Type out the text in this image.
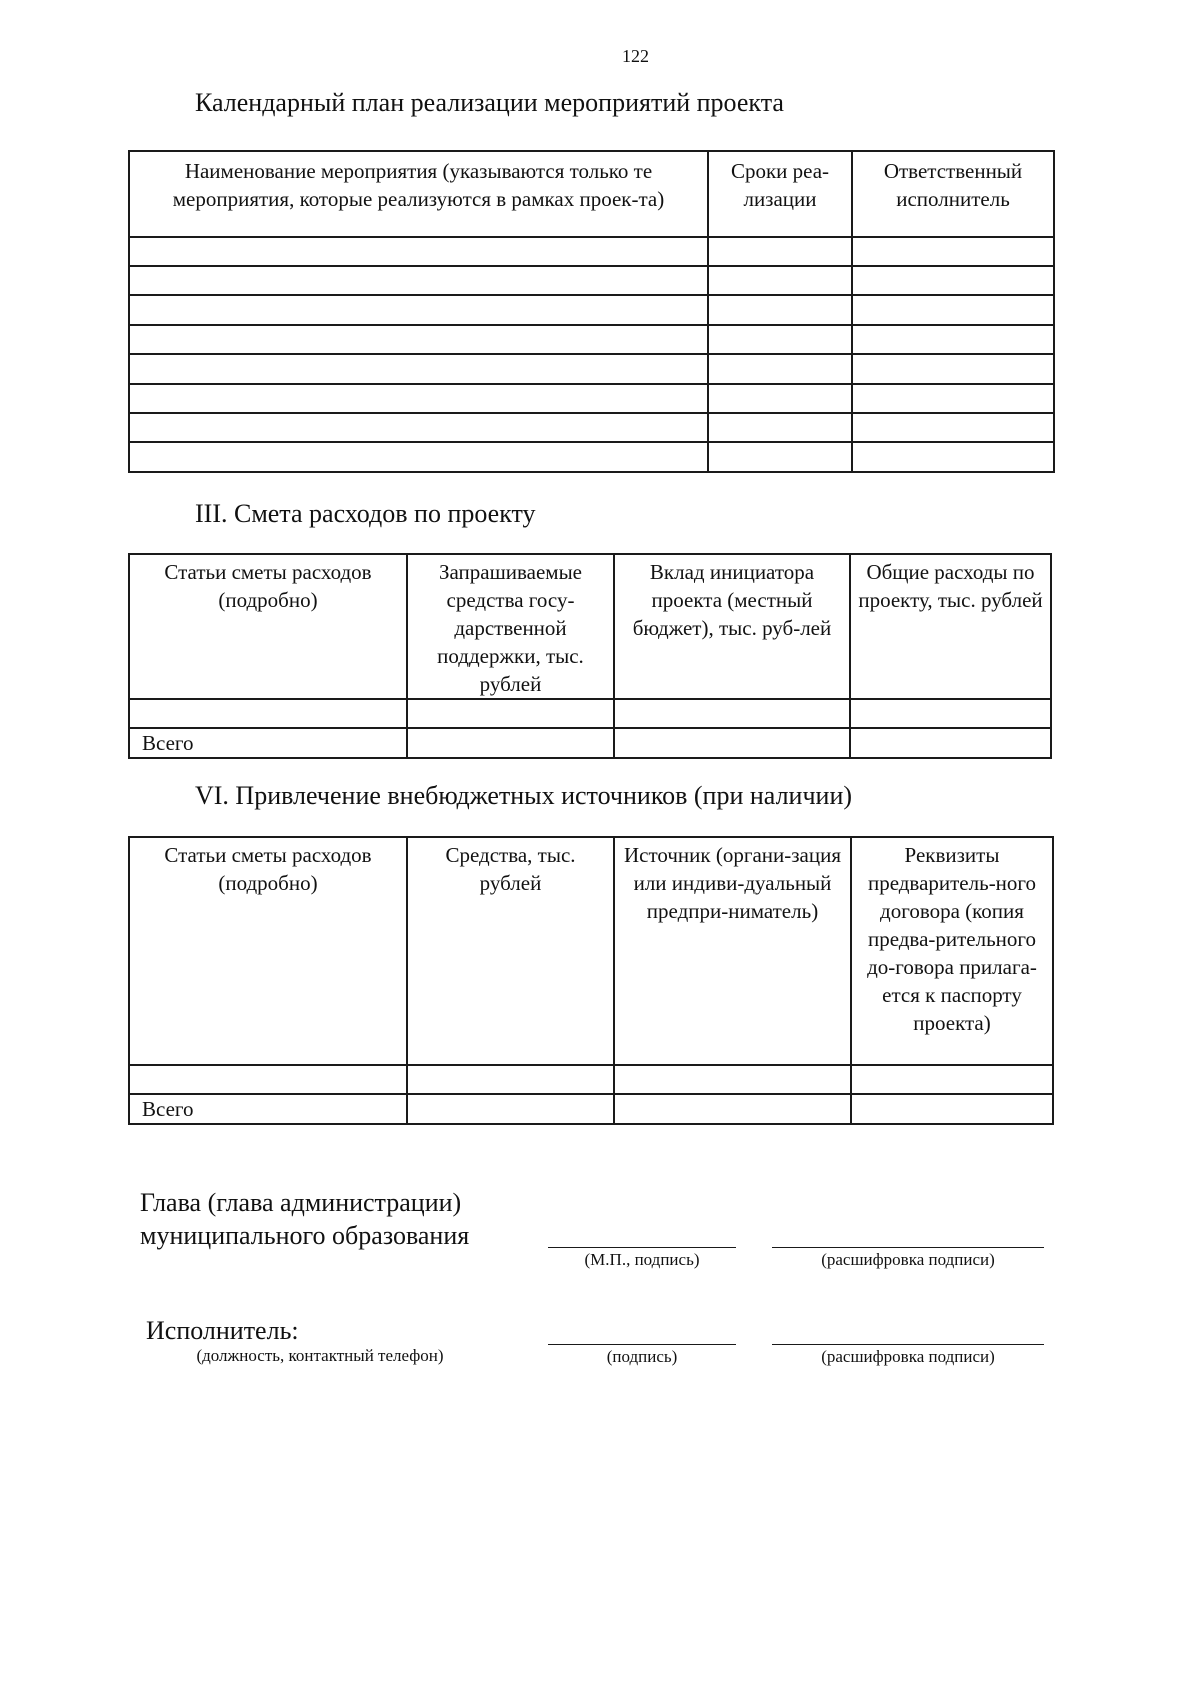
122
Календарный план реализации мероприятий проекта
Наименование мероприятия (указываются только те мероприятия, которые реализуются в рамках проек-та)	Сроки реа-лизации	Ответственный исполнитель

III. Смета расходов по проекту
Статьи сметы расходов (подробно)	Запрашиваемые средства госу-дарственной поддержки, тыс. рублей	Вклад инициатора проекта (местный бюджет), тыс. руб-лей	Общие расходы по проекту, тыс. рублей

Всего			
VI. Привлечение внебюджетных источников (при наличии)
Статьи сметы расходов (подробно)	Средства, тыс. рублей	Источник (органи-зация или индиви-дуальный предпри-ниматель)	Реквизиты предваритель-ного договора (копия предва-рительного до-говора прилага-ется к паспорту проекта)

Всего			
Глава (глава администрации)
муниципального образования
(М.П., подпись)	(расшифровка подписи)
Исполнитель:
(должность, контактный телефон)	(подпись)	(расшифровка подписи)
